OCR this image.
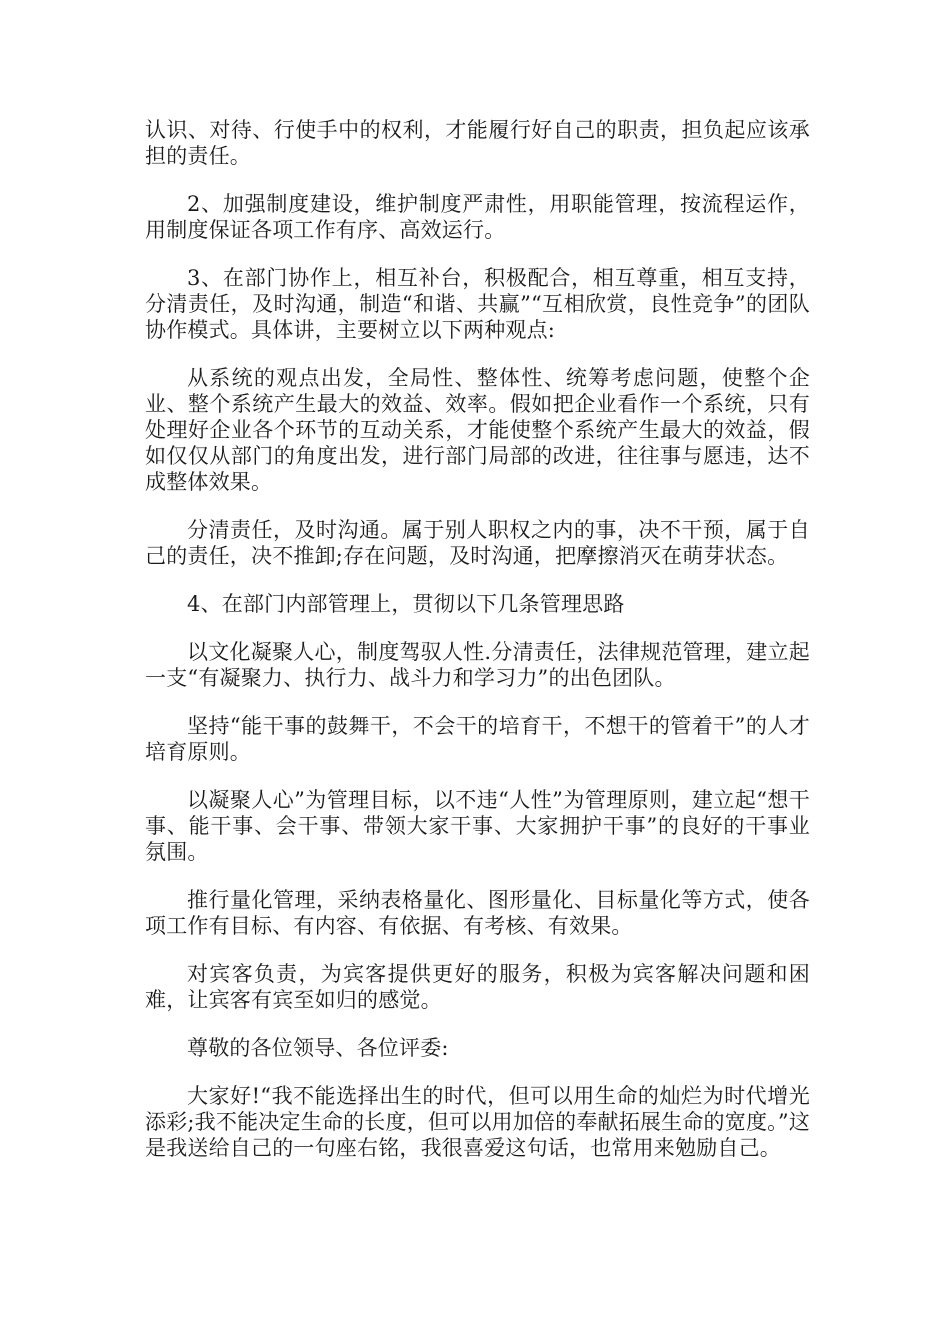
认识、对待、行使手中的权利，才能履行好自己的职责，担负起应该承担的责任。

2、加强制度建设，维护制度严肃性，用职能管理，按流程运作，用制度保证各项工作有序、高效运行。

3、在部门协作上，相互补台，积极配合，相互尊重，相互支持，分清责任，及时沟通，制造“和谐、共赢”“互相欣赏，良性竞争”的团队协作模式。具体讲，主要树立以下两种观点:

从系统的观点出发，全局性、整体性、统筹考虑问题，使整个企业、整个系统产生最大的效益、效率。假如把企业看作一个系统，只有处理好企业各个环节的互动关系，才能使整个系统产生最大的效益，假如仅仅从部门的角度出发，进行部门局部的改进，往往事与愿违，达不成整体效果。

分清责任，及时沟通。属于别人职权之内的事，决不干预，属于自己的责任，决不推卸;存在问题，及时沟通，把摩擦消灭在萌芽状态。

4、在部门内部管理上，贯彻以下几条管理思路

以文化凝聚人心，制度驾驭人性.分清责任，法律规范管理，建立起一支“有凝聚力、执行力、战斗力和学习力”的出色团队。

坚持“能干事的鼓舞干，不会干的培育干，不想干的管着干”的人才培育原则。

以凝聚人心”为管理目标，以不违“人性”为管理原则，建立起“想干事、能干事、会干事、带领大家干事、大家拥护干事”的良好的干事业氛围。

推行量化管理，采纳表格量化、图形量化、目标量化等方式，使各项工作有目标、有内容、有依据、有考核、有效果。

对宾客负责，为宾客提供更好的服务，积极为宾客解决问题和困难，让宾客有宾至如归的感觉。

尊敬的各位领导、各位评委:

大家好!“我不能选择出生的时代，但可以用生命的灿烂为时代增光添彩;我不能决定生命的长度，但可以用加倍的奉献拓展生命的宽度。”这是我送给自己的一句座右铭，我很喜爱这句话，也常用来勉励自己。
